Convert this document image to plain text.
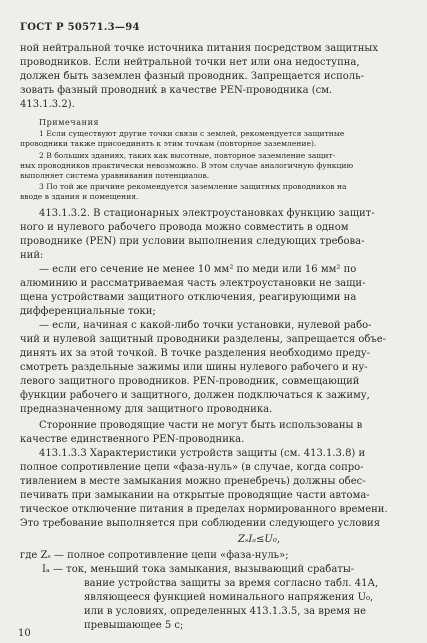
ГОСТ Р 50571.3—94
ной нейтральной точке источника питания посредством защитных
проводников. Если нейтральной точки нет или она недоступна,
должен быть заземлен фазный проводник. Запрещается исполь-
зовать фазный проводниќ в качестве PEN-проводника (см.
413.1.3.2).
Примечания
1 Если существуют другие точки связи с землей, рекомендуется защитные
проводники также присоединять к этим точкам (повторное заземление).
2 В больших зданиях, таких как высотные, повторное заземление защит-
ных проводников практически невозможно. В этом случае аналогичную функцию
выполняет система уравнивания потенциалов.
3 По той же причине рекомендуется заземление защитных проводников на
вводе в здания и помещения.
413.1.3.2. В стационарных электроустановках функцию защит-
ного и нулевого рабочего провода можно совместить в одном
проводнике (PEN) при условии выполнения следующих требова-
ний:
— если его сечение не менее 10 мм² по меди или 16 мм² по
алюминию и рассматриваемая часть электроустановки не защи-
щена устройствами защитного отключения, реагирующими на
дифференциальные токи;
— если, начиная с какой-либо точки установки, нулевой рабо-
чий и нулевой защитный проводники разделены, запрещается объе-
динять их за этой точкой. В точке разделения необходимо преду-
смотреть раздельные зажимы или шины нулевого рабочего и ну-
левого защитного проводников. PEN-проводник, совмещающий
функции рабочего и защитного, должен подключаться к зажиму,
предназначенному для защитного проводника.
Сторонние проводящие части не могут быть использованы в
качестве единственного PEN-проводника.
413.1.3.3 Характеристики устройств защиты (см. 413.1.3.8) и
полное сопротивление цепи «фаза-нуль» (в случае, когда сопро-
тивлением в месте замыкания можно пренебречь) должны обес-
печивать при замыкании на открытые проводящие части автома-
тическое отключение питания в пределах нормированного времени.
Это требование выполняется при соблюдении следующего условия
ZₛIₐ≤U₀,
где Zₛ — полное сопротивление цепи «фаза-нуль»;
Iₐ — ток, меньший тока замыкания, вызывающий срабаты-
вание устройства защиты за время согласно табл. 41А,
являющееся функцией номинального напряжения U₀,
или в условиях, определенных 413.1.3.5, за время не
превышающее 5 с;
10
